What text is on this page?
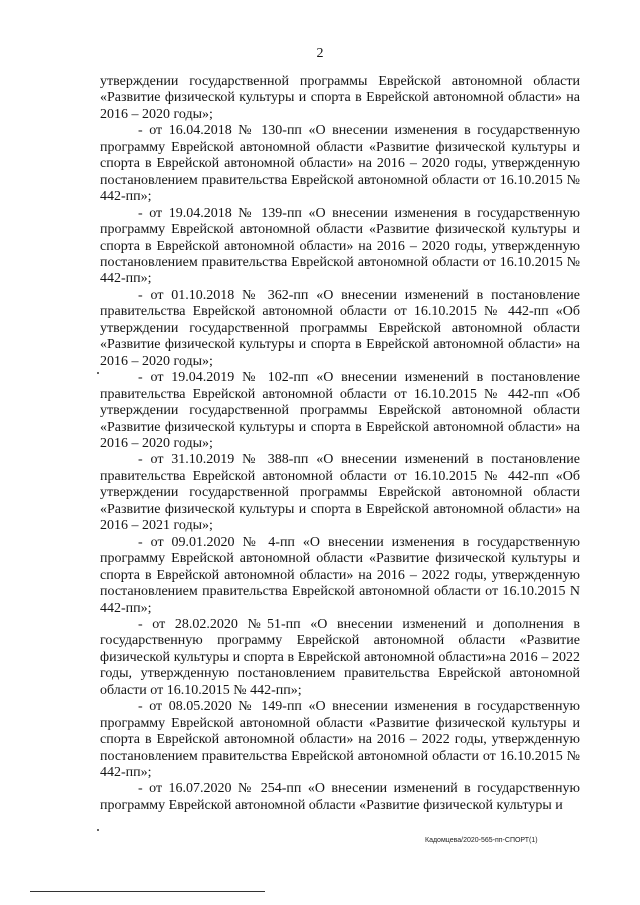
2

утверждении государственной программы Еврейской автономной области «Развитие физической культуры и спорта в Еврейской автономной области» на 2016 – 2020 годы»;

- от 16.04.2018 № 130-пп «О внесении изменения в государственную программу Еврейской автономной области «Развитие физической культуры и спорта в Еврейской автономной области» на 2016 – 2020 годы, утвержденную постановлением правительства Еврейской автономной области от 16.10.2015 № 442-пп»;

- от 19.04.2018 № 139-пп «О внесении изменения в государственную программу Еврейской автономной области «Развитие физической культуры и спорта в Еврейской автономной области» на 2016 – 2020 годы, утвержденную постановлением правительства Еврейской автономной области от 16.10.2015 № 442-пп»;

- от 01.10.2018 № 362-пп «О внесении изменений в постановление правительства Еврейской автономной области от 16.10.2015 № 442-пп «Об утверждении государственной программы Еврейской автономной области «Развитие физической культуры и спорта в Еврейской автономной области» на 2016 – 2020 годы»;

- от 19.04.2019 № 102-пп «О внесении изменений в постановление правительства Еврейской автономной области от 16.10.2015 № 442-пп «Об утверждении государственной программы Еврейской автономной области «Развитие физической культуры и спорта в Еврейской автономной области» на 2016 – 2020 годы»;

- от 31.10.2019 № 388-пп «О внесении изменений в постановление правительства Еврейской автономной области от 16.10.2015 № 442-пп «Об утверждении государственной программы Еврейской автономной области «Развитие физической культуры и спорта в Еврейской автономной области» на 2016 – 2021 годы»;

- от 09.01.2020 № 4-пп «О внесении изменения в государственную программу Еврейской автономной области «Развитие физической культуры и спорта в Еврейской автономной области» на 2016 – 2022 годы, утвержденную постановлением правительства Еврейской автономной области от 16.10.2015 N 442-пп»;

- от 28.02.2020 №51-пп «О внесении изменений и дополнения в государственную программу Еврейской автономной области «Развитие физической культуры и спорта в Еврейской автономной области»на 2016 – 2022 годы, утвержденную постановлением правительства Еврейской автономной области от 16.10.2015 № 442-пп»;

- от 08.05.2020 № 149-пп «О внесении изменения в государственную программу Еврейской автономной области «Развитие физической культуры и спорта в Еврейской автономной области» на 2016 – 2022 годы, утвержденную постановлением правительства Еврейской автономной области от 16.10.2015 № 442-пп»;

- от 16.07.2020 № 254-пп «О внесении изменений в государственную программу Еврейской автономной области «Развитие физической культуры и

Кадомцева/2020-565-пп-СПОРТ(1)
